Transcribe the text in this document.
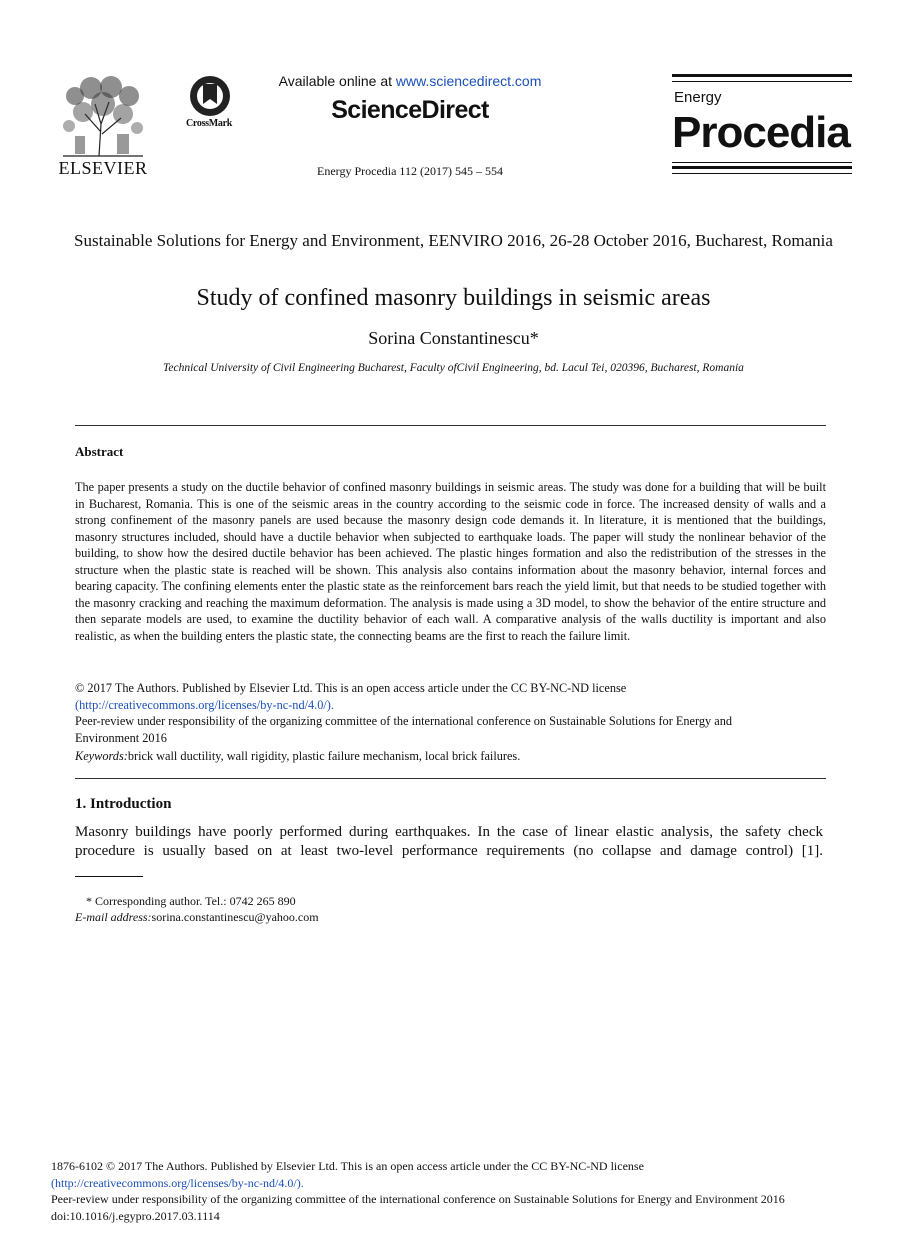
ELSEVIER
CrossMark
Available online at www.sciencedirect.com
ScienceDirect
Energy Procedia 112 (2017) 545 – 554
Energy
Procedia
Sustainable Solutions for Energy and Environment, EENVIRO 2016, 26-28 October 2016, Bucharest, Romania
Study of confined masonry buildings in seismic areas
Sorina Constantinescu*
Technical University of Civil Engineering Bucharest, Faculty ofCivil Engineering, bd. Lacul Tei, 020396, Bucharest, Romania
Abstract
The paper presents a study on the ductile behavior of confined masonry buildings in seismic areas. The study was done for a building that will be built in Bucharest, Romania. This is one of the seismic areas in the country according to the seismic code in force. The increased density of walls and a strong confinement of the masonry panels are used because the masonry design code demands it. In literature, it is mentioned that the buildings, masonry structures included, should have a ductile behavior when subjected to earthquake loads. The paper will study the nonlinear behavior of the building, to show how the desired ductile behavior has been achieved. The plastic hinges formation and also the redistribution of the stresses in the structure when the plastic state is reached will be shown. This analysis also contains information about the masonry behavior, internal forces and bearing capacity. The confining elements enter the plastic state as the reinforcement bars reach the yield limit, but that needs to be studied together with the masonry cracking and reaching the maximum deformation. The analysis is made using a 3D model, to show the behavior of the entire structure and then separate models are used, to examine the ductility behavior of each wall. A comparative analysis of the walls ductility is important and also realistic, as when the building enters the plastic state, the connecting beams are the first to reach the failure limit.
© 2017 The Authors. Published by Elsevier Ltd. This is an open access article under the CC BY-NC-ND license
(http://creativecommons.org/licenses/by-nc-nd/4.0/).
Peer-review under responsibility of the organizing committee of the international conference on Sustainable Solutions for Energy and Environment 2016
Keywords:brick wall ductility, wall rigidity, plastic failure mechanism, local brick failures.
1. Introduction
Masonry buildings have poorly performed during earthquakes. In the case of linear elastic analysis, the safety check procedure is usually based on at least two-level performance requirements (no collapse and damage control) [1].
* Corresponding author. Tel.: 0742 265 890
E-mail address:sorina.constantinescu@yahoo.com
1876-6102 © 2017 The Authors. Published by Elsevier Ltd. This is an open access article under the CC BY-NC-ND license
(http://creativecommons.org/licenses/by-nc-nd/4.0/).
Peer-review under responsibility of the organizing committee of the international conference on Sustainable Solutions for Energy and Environment 2016
doi:10.1016/j.egypro.2017.03.1114
